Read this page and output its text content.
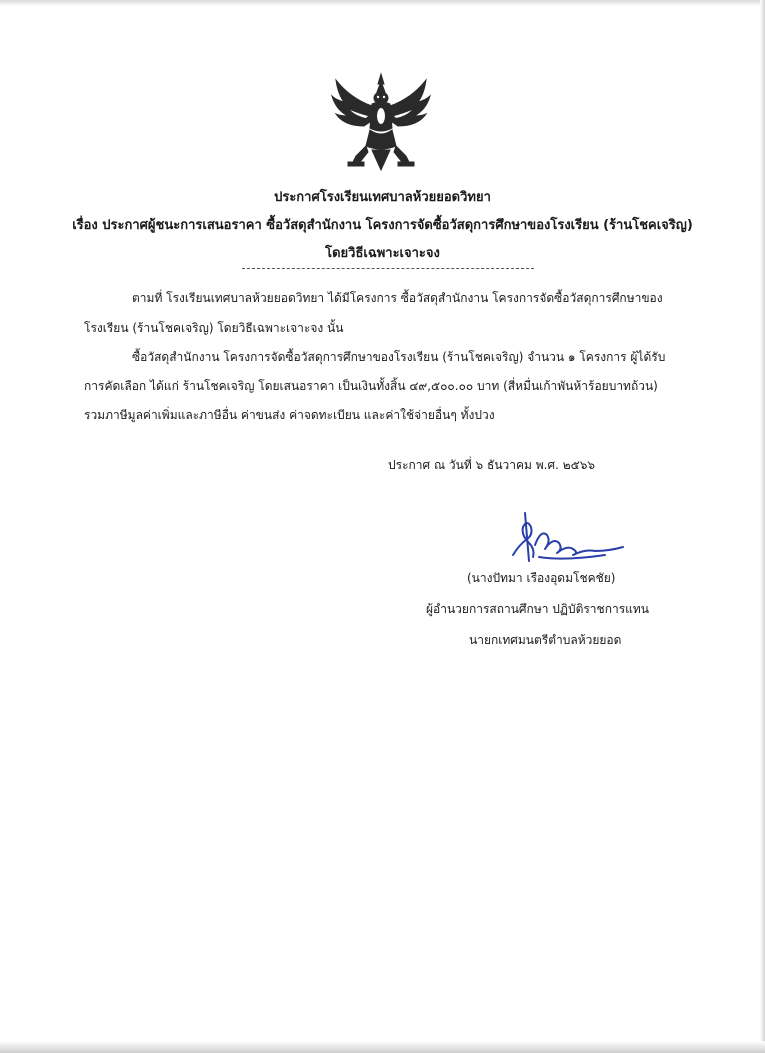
ประกาศโรงเรียนเทศบาลห้วยยอดวิทยา
เรื่อง ประกาศผู้ชนะการเสนอราคา ซื้อวัสดุสำนักงาน โครงการจัดซื้อวัสดุการศึกษาของโรงเรียน (ร้านโชคเจริญ)
โดยวิธีเฉพาะเจาะจง
ตามที่ โรงเรียนเทศบาลห้วยยอดวิทยา ได้มีโครงการ ซื้อวัสดุสำนักงาน โครงการจัดซื้อวัสดุการศึกษาของ
โรงเรียน (ร้านโชคเจริญ) โดยวิธีเฉพาะเจาะจง นั้น
ซื้อวัสดุสำนักงาน โครงการจัดซื้อวัสดุการศึกษาของโรงเรียน (ร้านโชคเจริญ) จำนวน ๑ โครงการ ผู้ได้รับ
การคัดเลือก ได้แก่ ร้านโชคเจริญ โดยเสนอราคา เป็นเงินทั้งสิ้น ๔๙,๕๐๐.๐๐ บาท (สี่หมื่นเก้าพันห้าร้อยบาทถ้วน)
รวมภาษีมูลค่าเพิ่มและภาษีอื่น ค่าขนส่ง ค่าจดทะเบียน และค่าใช้จ่ายอื่นๆ ทั้งปวง
ประกาศ ณ วันที่ ๖ ธันวาคม พ.ศ. ๒๕๖๖
(นางปัทมา เรืองอุดมโชคชัย)
ผู้อำนวยการสถานศึกษา ปฏิบัติราชการแทน
นายกเทศมนตรีตำบลห้วยยอด
